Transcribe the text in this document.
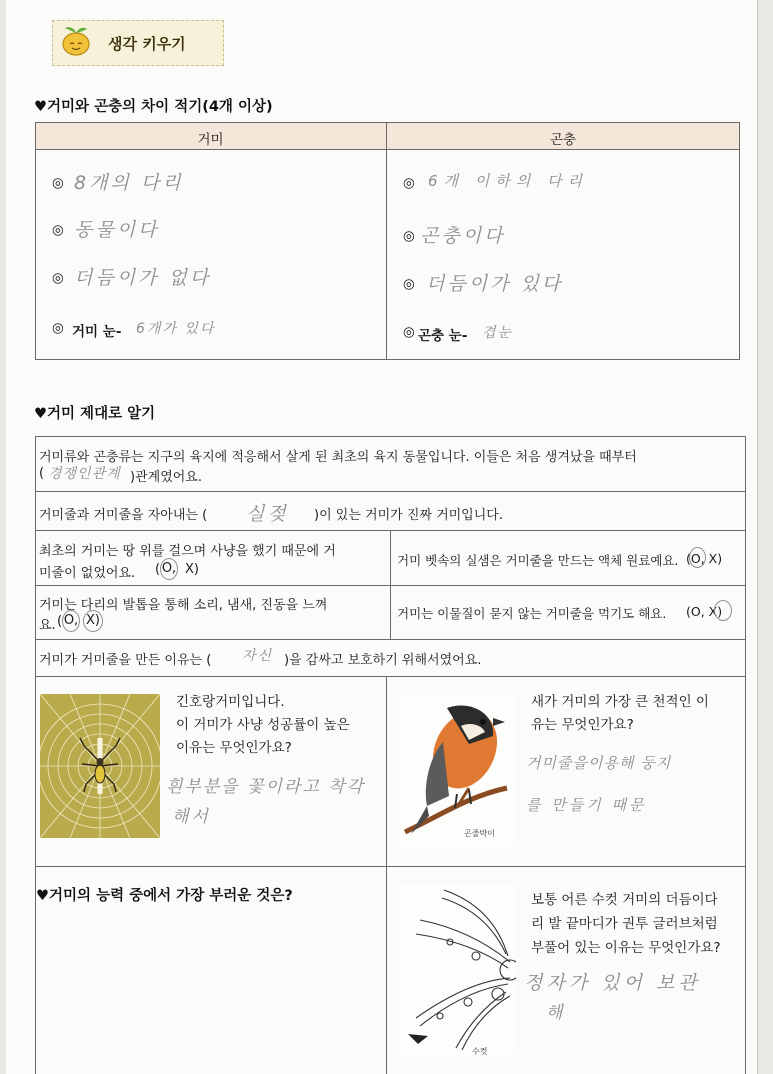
생각 키우기
♥거미와 곤충의 차이 적기(4개 이상)
거미	곤충
◎ 8개의 다리
◎ 동물이다
◎ 더듬이가 없다
◎ 거미 눈- 6개가 있다
◎ 6개 이하의 다리
◎ 곤충이다
◎ 더듬이가 있다
◎ 곤충 눈- 겹눈
♥거미 제대로 알기
거미류와 곤충류는 지구의 육지에 적응해서 살게 된 최초의 육지 동물입니다. 이들은 처음 생겨났을 때부터
( 경쟁인관계 )관계였어요.
거미줄과 거미줄을 자아내는 ( 실젖 )이 있는 거미가 진짜 거미입니다.
최초의 거미는 땅 위를 걸으며 사냥을 했기 때문에 거
미줄이 없었어요. ( O, X)
거미 벳속의 실샘은 거미줄을 만드는 액체 원료예요. (O, X)
거미는 다리의 발톱을 통해 소리, 냄새, 진동을 느껴
요. ( O, X)	거미는 이물질이 묻지 않는 거미줄을 먹기도 해요. (O, X)
거미가 거미줄을 만든 이유는 ( 자신 )을 감싸고 보호하기 위해서였어요.
긴호랑거미입니다.
이 거미가 사냥 성공률이 높은
이유는 무엇인가요?
흰부분을 꽃이라고 착각
해서
곤줄박이
새가 거미의 가장 큰 천적인 이
유는 무엇인가요?
거미줄을이용해 둥지
를 만들기 때문
♥거미의 능력 중에서 가장 부러운 것은?
수컷
보통 어른 수컷 거미의 더듬이다
리 발 끝마디가 권투 글러브처럼
부풀어 있는 이유는 무엇인가요?
정자가 있어 보관
해
